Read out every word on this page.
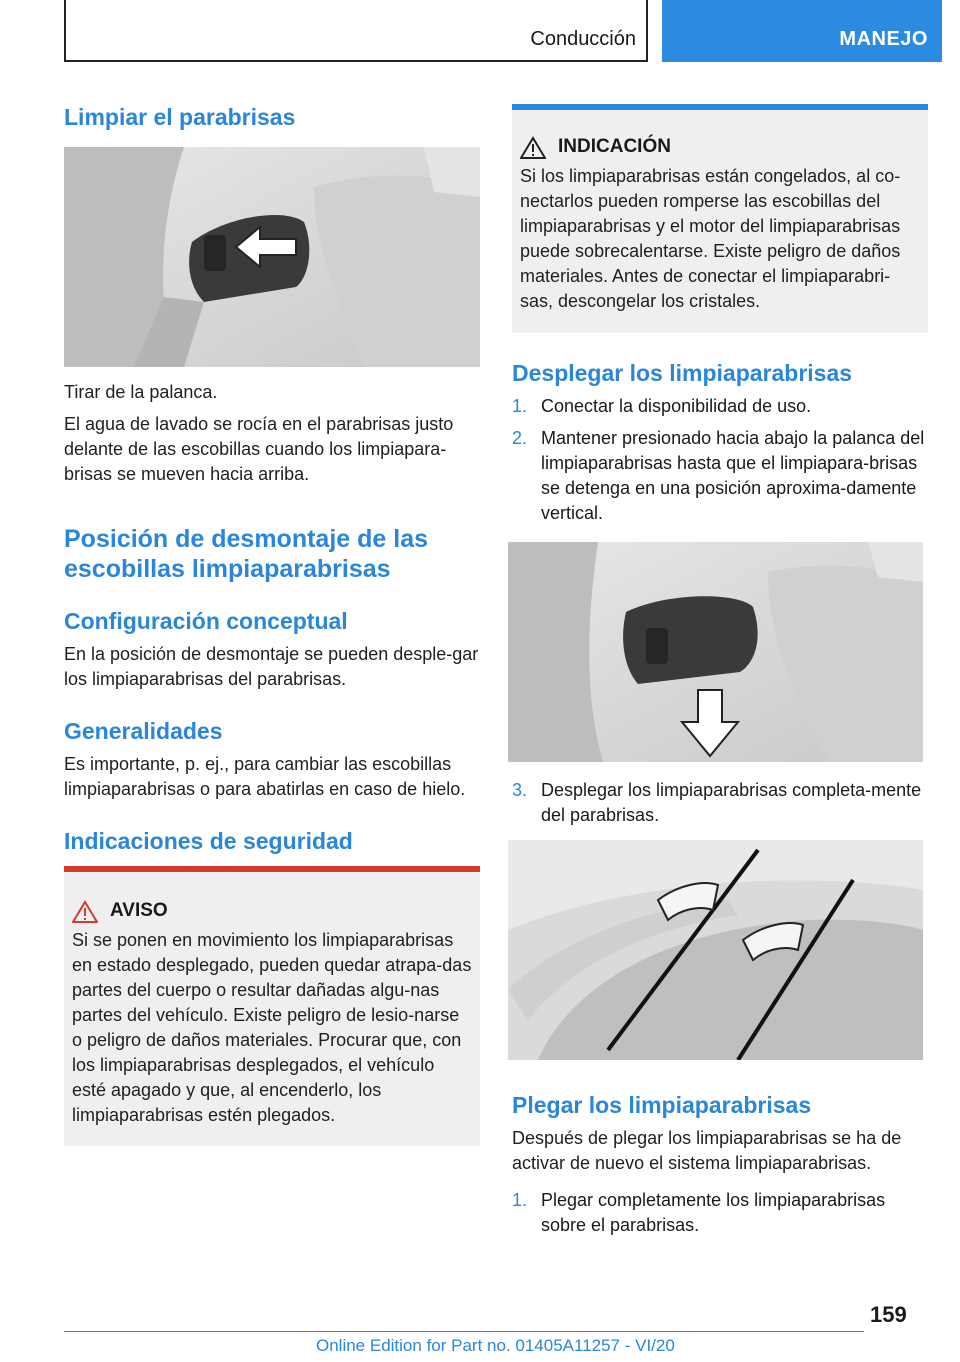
Conducción	MANEJO
Limpiar el parabrisas

Tirar de la palanca.

El agua de lavado se rocía en el parabrisas justo delante de las escobillas cuando los limpiapara-brisas se mueven hacia arriba.

Posición de desmontaje de las
escobillas limpiaparabrisas
Configuración conceptual

En la posición de desmontaje se pueden desple-gar los limpiaparabrisas del parabrisas.

Generalidades

Es importante, p. ej., para cambiar las escobillas limpiaparabrisas o para abatirlas en caso de hielo.

Indicaciones de seguridad
AVISO

Si se ponen en movimiento los limpiaparabrisas en estado desplegado, pueden quedar atrapa-das partes del cuerpo o resultar dañadas algu-nas partes del vehículo. Existe peligro de lesio-narse o peligro de daños materiales. Procurar que, con los limpiaparabrisas desplegados, el vehículo esté apagado y que, al encenderlo, los limpiaparabrisas estén plegados.

INDICACIÓN

Si los limpiaparabrisas están congelados, al co-nectarlos pueden romperse las escobillas del limpiaparabrisas y el motor del limpiaparabrisas puede sobrecalentarse. Existe peligro de daños materiales. Antes de conectar el limpiaparabri-sas, descongelar los cristales.

Desplegar los limpiaparabrisas
1. Conectar la disponibilidad de uso.
2. Mantener presionado hacia abajo la palanca del limpiaparabrisas hasta que el limpiapara-brisas se detenga en una posición aproxima-damente vertical.
3. Desplegar los limpiaparabrisas completa-mente del parabrisas.
Plegar los limpiaparabrisas

Después de plegar los limpiaparabrisas se ha de activar de nuevo el sistema limpiaparabrisas.

1. Plegar completamente los limpiaparabrisas sobre el parabrisas.
159
Online Edition for Part no. 01405A11257 - VI/20
